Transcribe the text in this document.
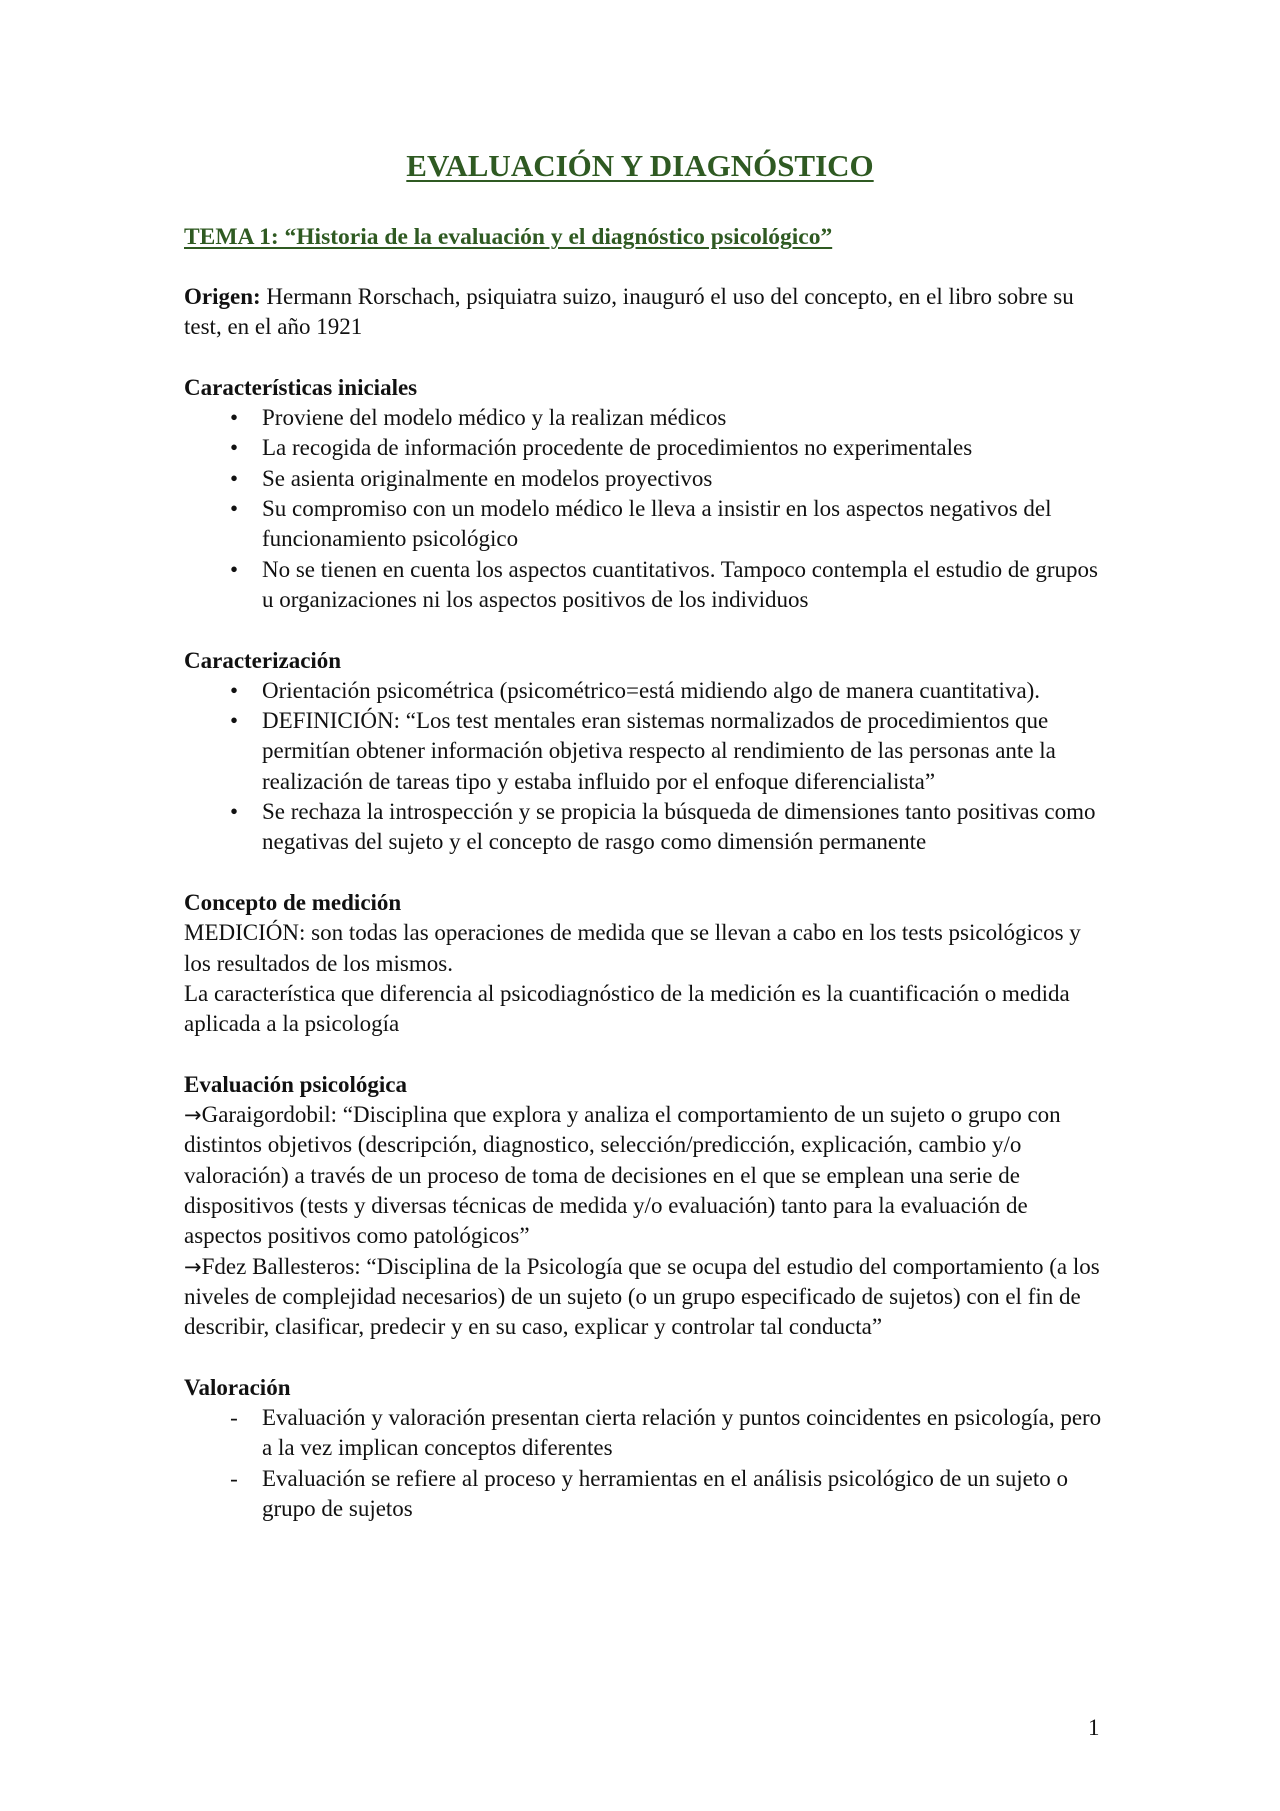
EVALUACIÓN Y DIAGNÓSTICO
TEMA 1: “Historia de la evaluación y el diagnóstico psicológico”

Origen: Hermann Rorschach, psiquiatra suizo, inauguró el uso del concepto, en el libro sobre su test, en el año 1921

Características iniciales
• Proviene del modelo médico y la realizan médicos
• La recogida de información procedente de procedimientos no experimentales
• Se asienta originalmente en modelos proyectivos
• Su compromiso con un modelo médico le lleva a insistir en los aspectos negativos del funcionamiento psicológico
• No se tienen en cuenta los aspectos cuantitativos. Tampoco contempla el estudio de grupos u organizaciones ni los aspectos positivos de los individuos
Caracterización
• Orientación psicométrica (psicométrico=está midiendo algo de manera cuantitativa).
• DEFINICIÓN: “Los test mentales eran sistemas normalizados de procedimientos que permitían obtener información objetiva respecto al rendimiento de las personas ante la realización de tareas tipo y estaba influido por el enfoque diferencialista”
• Se rechaza la introspección y se propicia la búsqueda de dimensiones tanto positivas como negativas del sujeto y el concepto de rasgo como dimensión permanente
Concepto de medición

MEDICIÓN: son todas las operaciones de medida que se llevan a cabo en los tests psicológicos y los resultados de los mismos.

La característica que diferencia al psicodiagnóstico de la medición es la cuantificación o medida aplicada a la psicología

Evaluación psicológica

→Garaigordobil: “Disciplina que explora y analiza el comportamiento de un sujeto o grupo con distintos objetivos (descripción, diagnostico, selección/predicción, explicación, cambio y/o valoración) a través de un proceso de toma de decisiones en el que se emplean una serie de dispositivos (tests y diversas técnicas de medida y/o evaluación) tanto para la evaluación de aspectos positivos como patológicos”

→Fdez Ballesteros: “Disciplina de la Psicología que se ocupa del estudio del comportamiento (a los niveles de complejidad necesarios) de un sujeto (o un grupo especificado de sujetos) con el fin de describir, clasificar, predecir y en su caso, explicar y controlar tal conducta”

Valoración
- Evaluación y valoración presentan cierta relación y puntos coincidentes en psicología, pero a la vez implican conceptos diferentes
- Evaluación se refiere al proceso y herramientas en el análisis psicológico de un sujeto o grupo de sujetos
1
